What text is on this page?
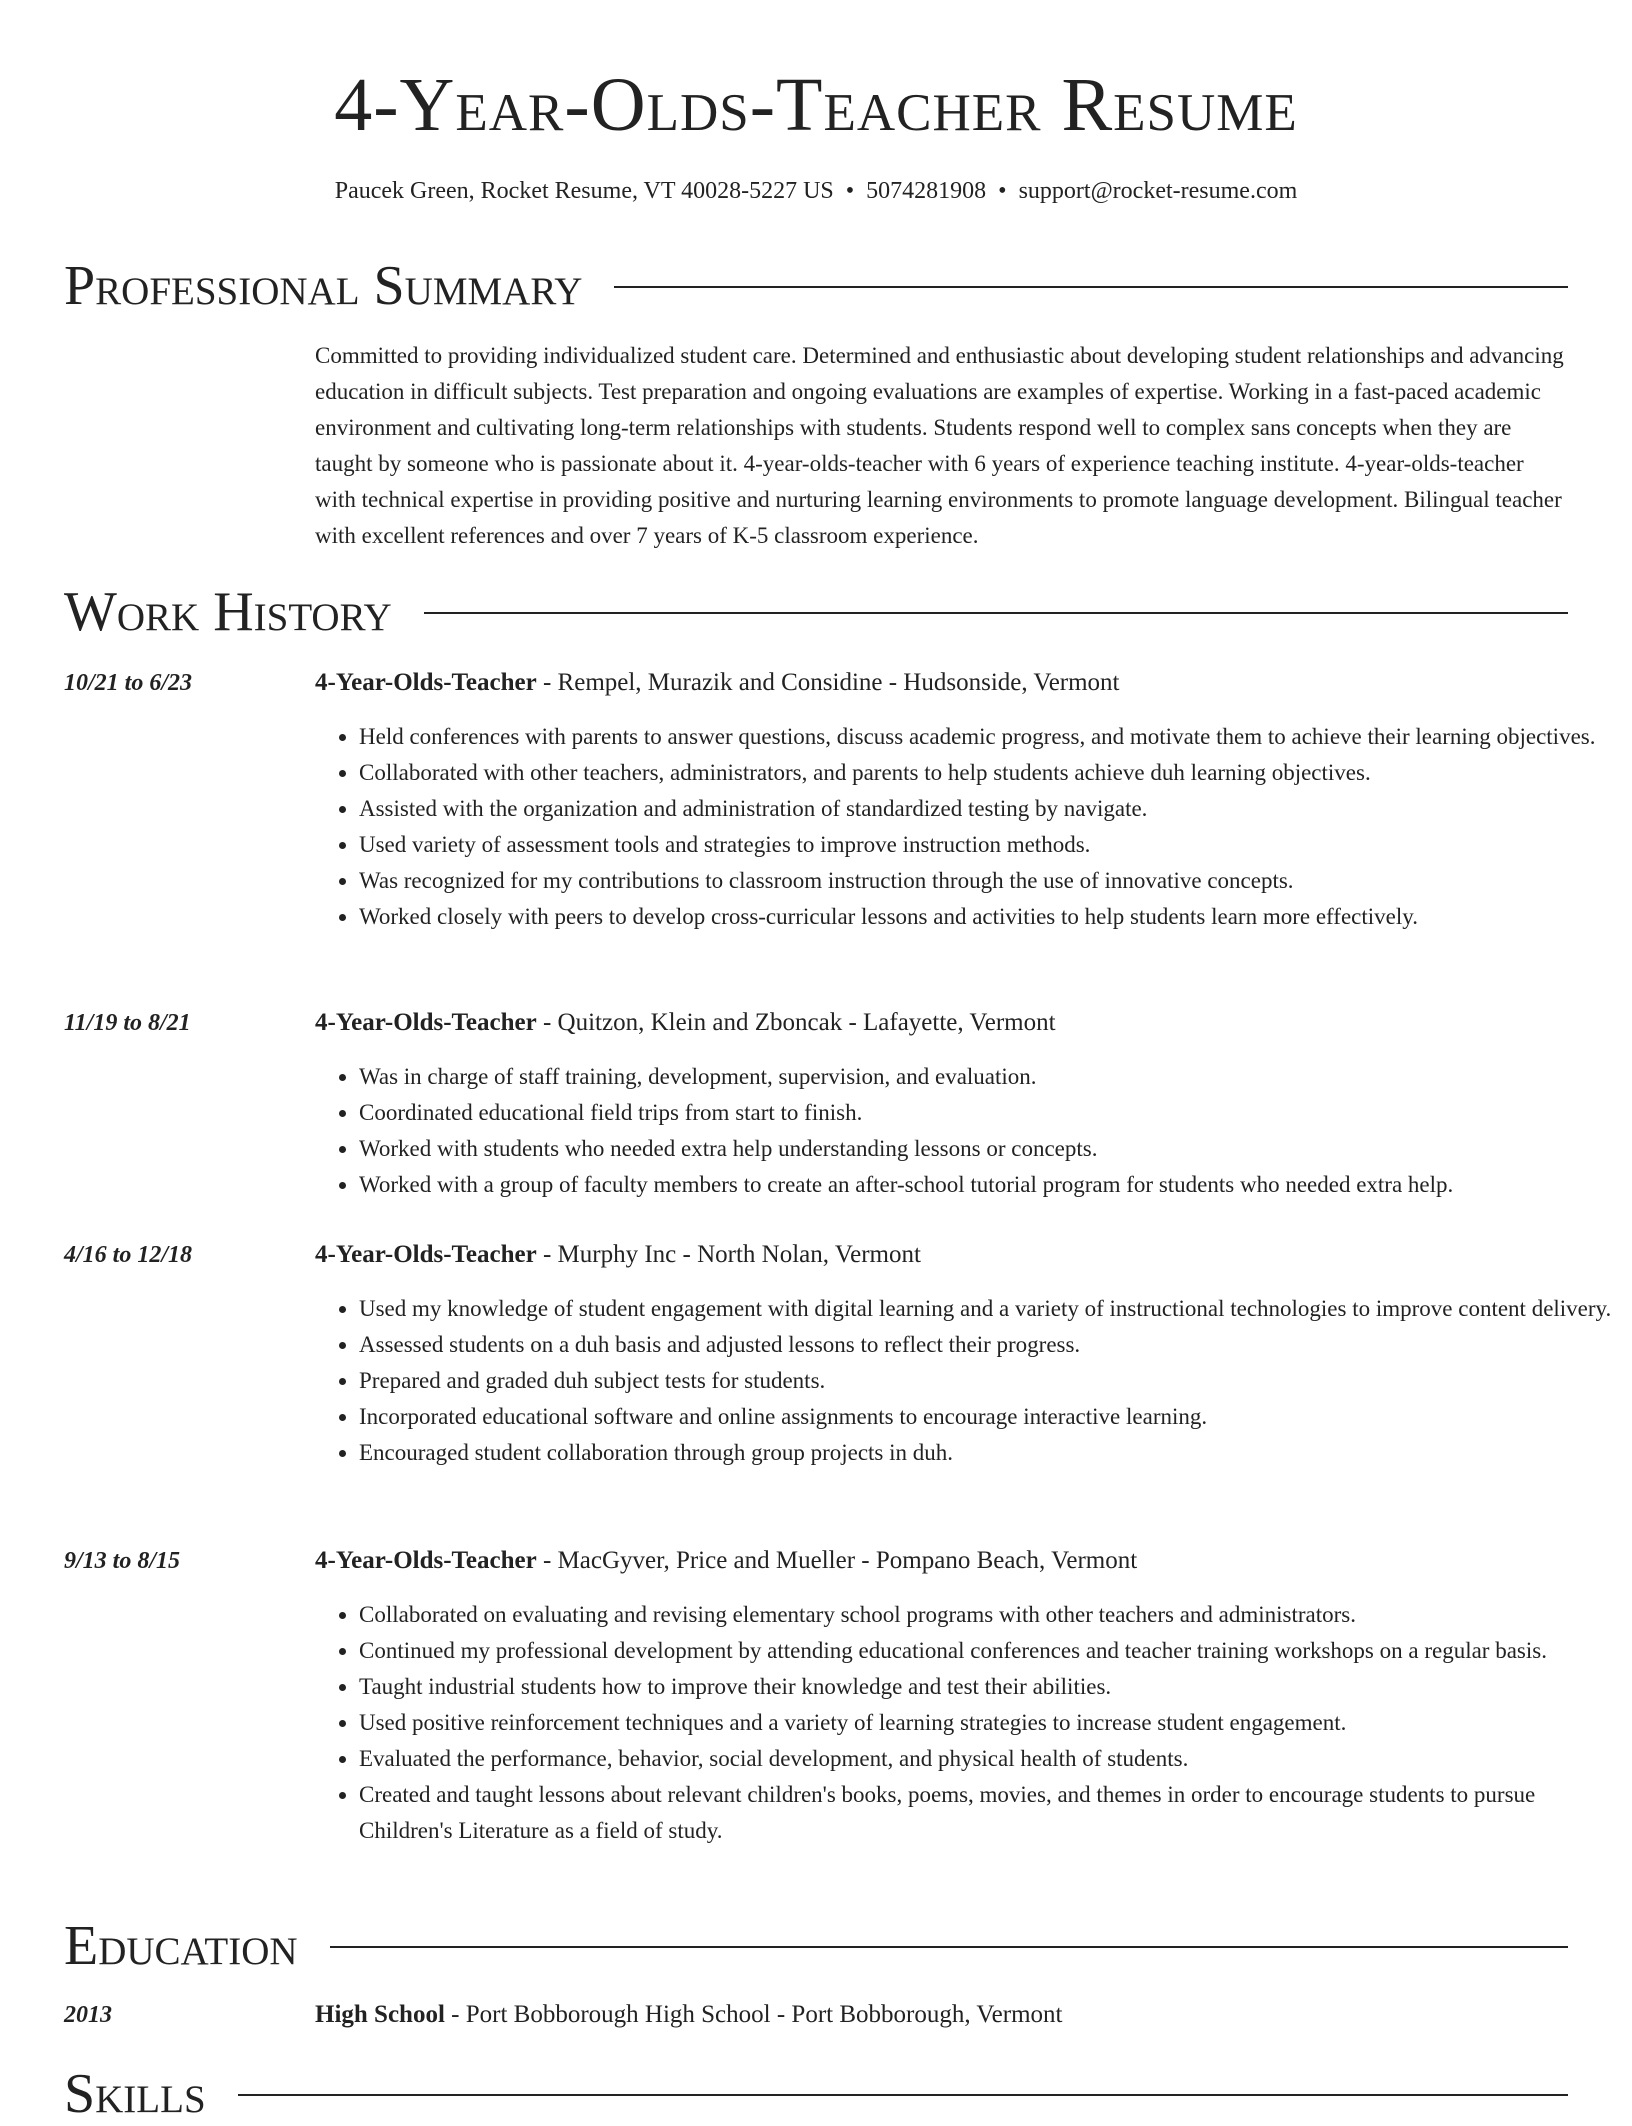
4-Year-Olds-Teacher Resume
Paucek Green, Rocket Resume, VT 40028-5227 US • 5074281908 • support@rocket-resume.com
Professional Summary

Committed to providing individualized student care. Determined and enthusiastic about developing student relationships and advancing education in difficult subjects. Test preparation and ongoing evaluations are examples of expertise. Working in a fast-paced academic environment and cultivating long-term relationships with students. Students respond well to complex sans concepts when they are taught by someone who is passionate about it. 4-year-olds-teacher with 6 years of experience teaching institute. 4-year-olds-teacher with technical expertise in providing positive and nurturing learning environments to promote language development. Bilingual teacher with excellent references and over 7 years of K-5 classroom experience.

Work History
10/21 to 6/23	4-Year-Olds-Teacher - Rempel, Murazik and Considine - Hudsonside, Vermont
• Held conferences with parents to answer questions, discuss academic progress, and motivate them to achieve their learning objectives.
• Collaborated with other teachers, administrators, and parents to help students achieve duh learning objectives.
• Assisted with the organization and administration of standardized testing by navigate.
• Used variety of assessment tools and strategies to improve instruction methods.
• Was recognized for my contributions to classroom instruction through the use of innovative concepts.
• Worked closely with peers to develop cross-curricular lessons and activities to help students learn more effectively.
11/19 to 8/21	4-Year-Olds-Teacher - Quitzon, Klein and Zboncak - Lafayette, Vermont
• Was in charge of staff training, development, supervision, and evaluation.
• Coordinated educational field trips from start to finish.
• Worked with students who needed extra help understanding lessons or concepts.
• Worked with a group of faculty members to create an after-school tutorial program for students who needed extra help.
4/16 to 12/18	4-Year-Olds-Teacher - Murphy Inc - North Nolan, Vermont
• Used my knowledge of student engagement with digital learning and a variety of instructional technologies to improve content delivery.
• Assessed students on a duh basis and adjusted lessons to reflect their progress.
• Prepared and graded duh subject tests for students.
• Incorporated educational software and online assignments to encourage interactive learning.
• Encouraged student collaboration through group projects in duh.
9/13 to 8/15	4-Year-Olds-Teacher - MacGyver, Price and Mueller - Pompano Beach, Vermont
• Collaborated on evaluating and revising elementary school programs with other teachers and administrators.
• Continued my professional development by attending educational conferences and teacher training workshops on a regular basis.
• Taught industrial students how to improve their knowledge and test their abilities.
• Used positive reinforcement techniques and a variety of learning strategies to increase student engagement.
• Evaluated the performance, behavior, social development, and physical health of students.
• Created and taught lessons about relevant children's books, poems, movies, and themes in order to encourage students to pursue Children's Literature as a field of study.
Education
2013	High School - Port Bobborough High School - Port Bobborough, Vermont
Skills
